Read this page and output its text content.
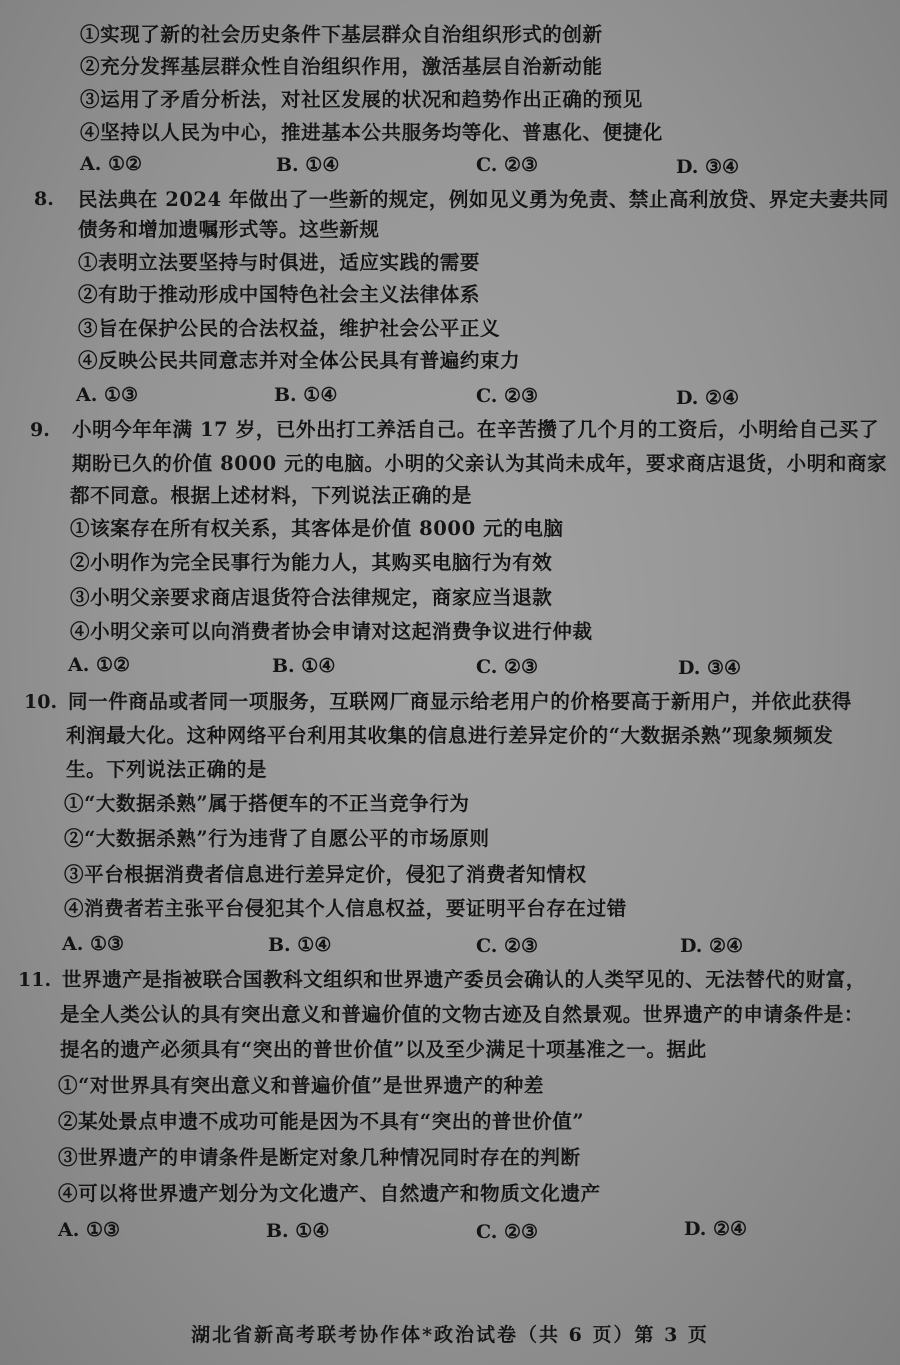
①实现了新的社会历史条件下基层群众自治组织形式的创新
②充分发挥基层群众性自治组织作用，激活基层自治新动能
③运用了矛盾分析法，对社区发展的状况和趋势作出正确的预见
④坚持以人民为中心，推进基本公共服务均等化、普惠化、便捷化
A. ①②	B. ①④	C. ②③	D. ③④
8. 民法典在 2024 年做出了一些新的规定，例如见义勇为免责、禁止高利放贷、界定夫妻共同
债务和增加遗嘱形式等。这些新规
①表明立法要坚持与时俱进，适应实践的需要
②有助于推动形成中国特色社会主义法律体系
③旨在保护公民的合法权益，维护社会公平正义
④反映公民共同意志并对全体公民具有普遍约束力
A. ①③	B. ①④	C. ②③	D. ②④
9. 小明今年年满 17 岁，已外出打工养活自己。在辛苦攒了几个月的工资后，小明给自己买了
期盼已久的价值 8000 元的电脑。小明的父亲认为其尚未成年，要求商店退货，小明和商家
都不同意。根据上述材料，下列说法正确的是
①该案存在所有权关系，其客体是价值 8000 元的电脑
②小明作为完全民事行为能力人，其购买电脑行为有效
③小明父亲要求商店退货符合法律规定，商家应当退款
④小明父亲可以向消费者协会申请对这起消费争议进行仲裁
A. ①②	B. ①④	C. ②③	D. ③④
10. 同一件商品或者同一项服务，互联网厂商显示给老用户的价格要高于新用户，并依此获得
利润最大化。这种网络平台利用其收集的信息进行差异定价的“大数据杀熟”现象频频发
生。下列说法正确的是
①“大数据杀熟”属于搭便车的不正当竞争行为
②“大数据杀熟”行为违背了自愿公平的市场原则
③平台根据消费者信息进行差异定价，侵犯了消费者知情权
④消费者若主张平台侵犯其个人信息权益，要证明平台存在过错
A. ①③	B. ①④	C. ②③	D. ②④
11. 世界遗产是指被联合国教科文组织和世界遗产委员会确认的人类罕见的、无法替代的财富，
是全人类公认的具有突出意义和普遍价值的文物古迹及自然景观。世界遗产的申请条件是：
提名的遗产必须具有“突出的普世价值”以及至少满足十项基准之一。据此
①“对世界具有突出意义和普遍价值”是世界遗产的种差
②某处景点申遗不成功可能是因为不具有“突出的普世价值”
③世界遗产的申请条件是断定对象几种情况同时存在的判断
④可以将世界遗产划分为文化遗产、自然遗产和物质文化遗产
A. ①③	B. ①④	C. ②③	D. ②④
湖北省新高考联考协作体*政治试卷（共 6 页）第 3 页
